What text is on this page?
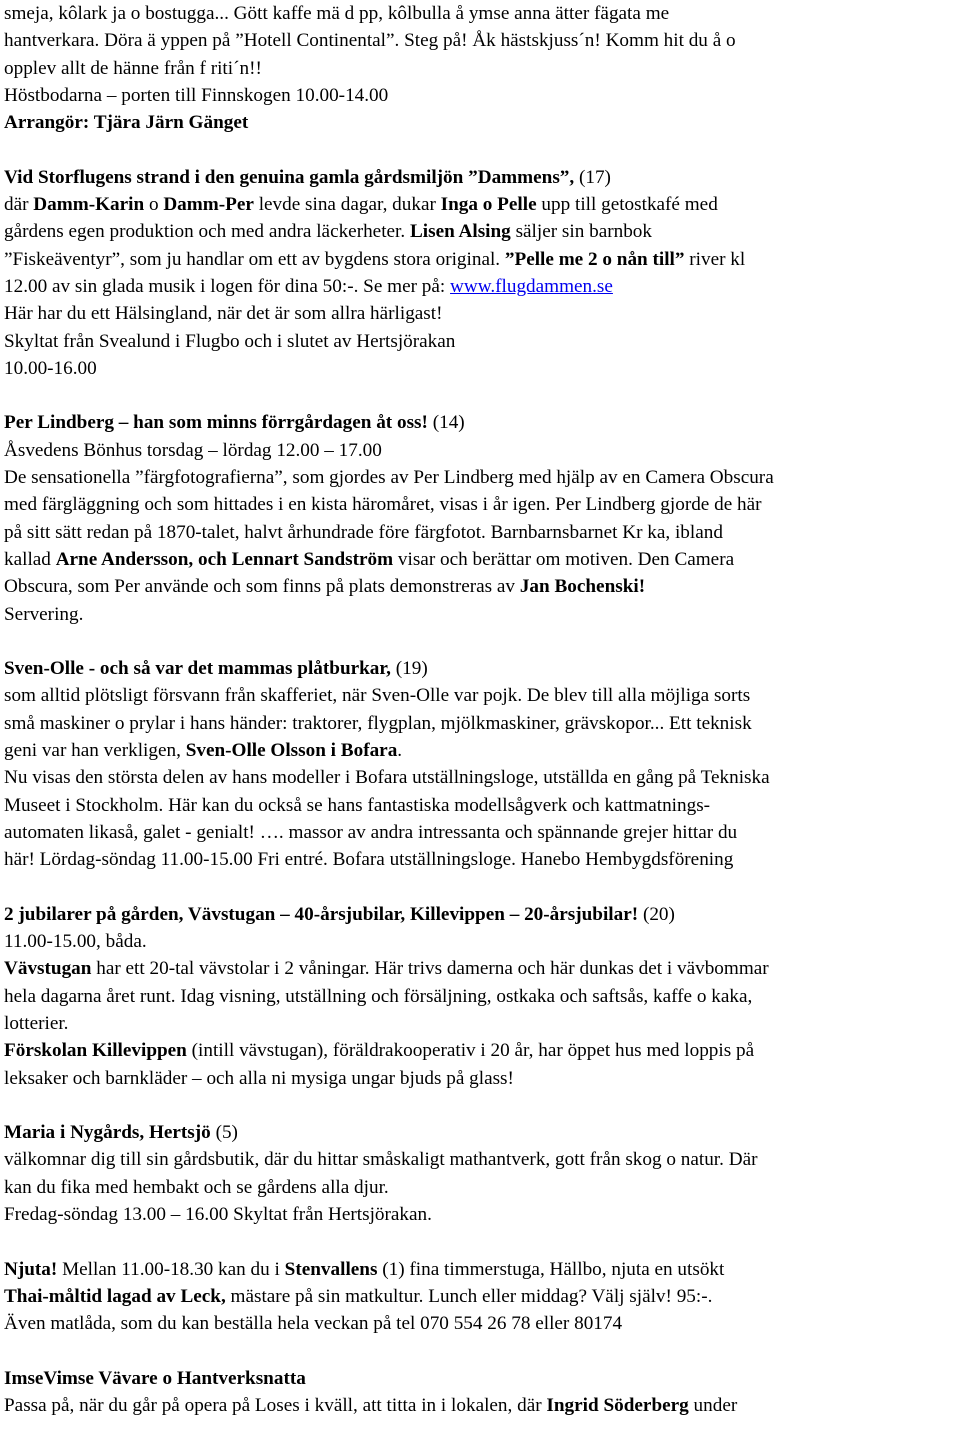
smeja, kôlark ja o bostugga... Gött kaffe mä d pp, kôlbulla å ymse anna ätter fägata me
hantverkara. Döra ä yppen på ”Hotell Continental”. Steg på! Åk hästskjuss´n! Komm hit du å o
opplev allt de hänne från f riti´n!!
Höstbodarna – porten till Finnskogen 10.00-14.00
Arrangör: Tjära Järn Gänget
Vid Storflugens strand i den genuina gamla gårdsmiljön ”Dammens”, (17)
där Damm-Karin o Damm-Per levde sina dagar, dukar Inga o Pelle upp till getostkafé med
gårdens egen produktion och med andra läckerheter. Lisen Alsing säljer sin barnbok
”Fiskeäventyr”, som ju handlar om ett av bygdens stora original. ”Pelle me 2 o nån till” river kl
12.00 av sin glada musik i logen för dina 50:-. Se mer på: www.flugdammen.se
Här har du ett Hälsingland, när det är som allra härligast!
Skyltat från Svealund i Flugbo och i slutet av Hertsjörakan
10.00-16.00
Per Lindberg – han som minns förrgårdagen åt oss! (14)
Åsvedens Bönhus torsdag – lördag 12.00 – 17.00
De sensationella ”färgfotografierna”, som gjordes av Per Lindberg med hjälp av en Camera Obscura
med färgläggning och som hittades i en kista häromåret, visas i år igen. Per Lindberg gjorde de här
på sitt sätt redan på 1870-talet, halvt århundrade före färgfotot. Barnbarnsbarnet Kr ka, ibland
kallad Arne Andersson, och Lennart Sandström visar och berättar om motiven. Den Camera
Obscura, som Per använde och som finns på plats demonstreras av Jan Bochenski!
Servering.
Sven-Olle - och så var det mammas plåtburkar, (19)
som alltid plötsligt försvann från skafferiet, när Sven-Olle var pojk. De blev till alla möjliga sorts
små maskiner o prylar i hans händer: traktorer, flygplan, mjölkmaskiner, grävskopor... Ett teknisk
geni var han verkligen, Sven-Olle Olsson i Bofara.
Nu visas den största delen av hans modeller i Bofara utställningsloge, utställda en gång på Tekniska
Museet i Stockholm. Här kan du också se hans fantastiska modellsågverk och kattmatnings-
automaten likaså, galet - genialt! …. massor av andra intressanta och spännande grejer hittar du
här! Lördag-söndag 11.00-15.00 Fri entré. Bofara utställningsloge. Hanebo Hembygdsförening
2 jubilarer på gården, Vävstugan – 40-årsjubilar, Killevippen – 20-årsjubilar! (20)
11.00-15.00, båda.
Vävstugan har ett 20-tal vävstolar i 2 våningar. Här trivs damerna och här dunkas det i vävbommar
hela dagarna året runt. Idag visning, utställning och försäljning, ostkaka och saftsås, kaffe o kaka,
lotterier.
Förskolan Killevippen (intill vävstugan), föräldrakooperativ i 20 år, har öppet hus med loppis på
leksaker och barnkläder – och alla ni mysiga ungar bjuds på glass!
Maria i Nygårds, Hertsjö (5)
välkomnar dig till sin gårdsbutik, där du hittar småskaligt mathantverk, gott från skog o natur. Där
kan du fika med hembakt och se gårdens alla djur.
Fredag-söndag 13.00 – 16.00 Skyltat från Hertsjörakan.
Njuta! Mellan 11.00-18.30 kan du i Stenvallens (1) fina timmerstuga, Hällbo, njuta en utsökt
Thai-måltid lagad av Leck, mästare på sin matkultur. Lunch eller middag? Välj själv! 95:-.
Även matlåda, som du kan beställa hela veckan på tel 070 554 26 78 eller 80174
ImseVimse Vävare o Hantverksnatta
Passa på, när du går på opera på Loses i kväll, att titta in i lokalen, där Ingrid Söderberg under
